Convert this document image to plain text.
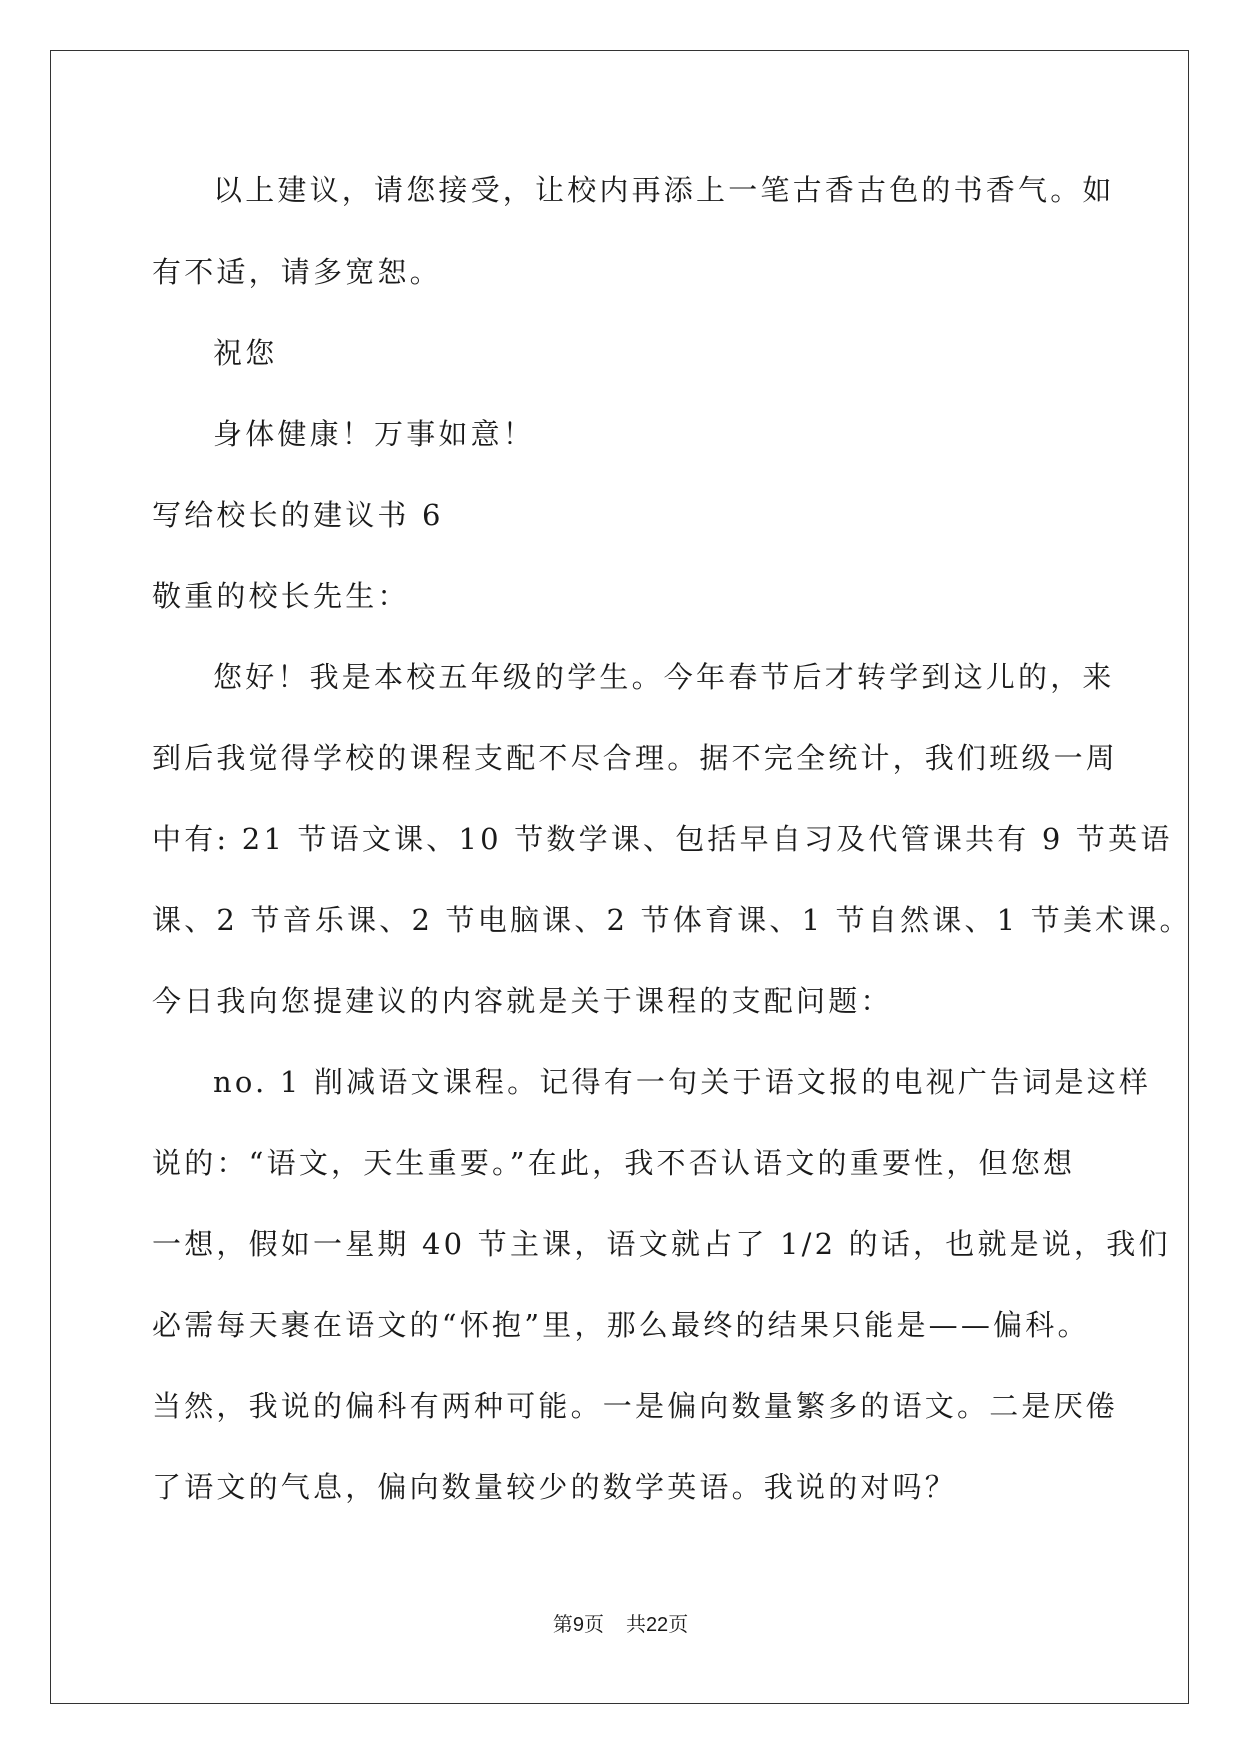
以上建议，请您接受，让校内再添上一笔古香古色的书香气。如
有不适，请多宽恕。
祝您
身体健康！万事如意！
写给校长的建议书 6
敬重的校长先生：
您好！我是本校五年级的学生。今年春节后才转学到这儿的，来
到后我觉得学校的课程支配不尽合理。据不完全统计，我们班级一周
中有: 21 节语文课、10 节数学课、包括早自习及代管课共有 9 节英语
课、2 节音乐课、2 节电脑课、2 节体育课、1 节自然课、1 节美术课。
今日我向您提建议的内容就是关于课程的支配问题：
no. 1 削减语文课程。记得有一句关于语文报的电视广告词是这样
说的：“语文，天生重要。”在此，我不否认语文的重要性，但您想
一想，假如一星期 40 节主课，语文就占了 1/2 的话，也就是说，我们
必需每天裹在语文的“怀抱”里，那么最终的结果只能是——偏科。
当然，我说的偏科有两种可能。一是偏向数量繁多的语文。二是厌倦
了语文的气息，偏向数量较少的数学英语。我说的对吗？
第9页 共22页
